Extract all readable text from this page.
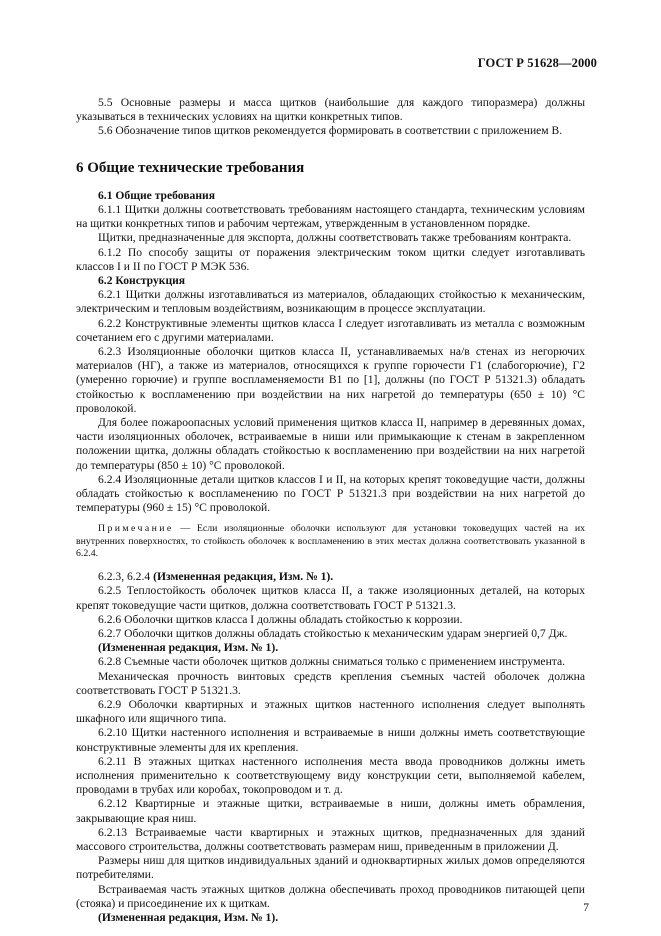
ГОСТ Р 51628—2000

5.5 Основные размеры и масса щитков (наибольшие для каждого типоразмера) должны указываться в технических условиях на щитки конкретных типов.

5.6 Обозначение типов щитков рекомендуется формировать в соответствии с приложением В.

6 Общие технические требования

6.1 Общие требования

6.1.1 Щитки должны соответствовать требованиям настоящего стандарта, техническим условиям на щитки конкретных типов и рабочим чертежам, утвержденным в установленном порядке.

Щитки, предназначенные для экспорта, должны соответствовать также требованиям контракта.

6.1.2 По способу защиты от поражения электрическим током щитки следует изготавливать классов I и II по ГОСТ Р МЭК 536.

6.2 Конструкция

6.2.1 Щитки должны изготавливаться из материалов, обладающих стойкостью к механическим, электрическим и тепловым воздействиям, возникающим в процессе эксплуатации.

6.2.2 Конструктивные элементы щитков класса I следует изготавливать из металла с возможным сочетанием его с другими материалами.

6.2.3 Изоляционные оболочки щитков класса II, устанавливаемых на/в стенах из негорючих материалов (НГ), а также из материалов, относящихся к группе горючести Г1 (слабогорючие), Г2 (умеренно горючие) и группе воспламеняемости В1 по [1], должны (по ГОСТ Р 51321.3) обладать стойкостью к воспламенению при воздействии на них нагретой до температуры (650 ± 10) °С проволокой.

Для более пожароопасных условий применения щитков класса II, например в деревянных домах, части изоляционных оболочек, встраиваемые в ниши или примыкающие к стенам в закрепленном положении щитка, должны обладать стойкостью к воспламенению при воздействии на них нагретой до температуры (850 ± 10) °С проволокой.

6.2.4 Изоляционные детали щитков классов I и II, на которых крепят токоведущие части, должны обладать стойкостью к воспламенению по ГОСТ Р 51321.3 при воздействии на них нагретой до температуры (960 ± 15) °С проволокой.

Примечание — Если изоляционные оболочки используют для установки токоведущих частей на их внутренних поверхностях, то стойкость оболочек к воспламенению в этих местах должна соответствовать указанной в 6.2.4.

6.2.3, 6.2.4 (Измененная редакция, Изм. № 1).

6.2.5 Теплостойкость оболочек щитков класса II, а также изоляционных деталей, на которых крепят токоведущие части щитков, должна соответствовать ГОСТ Р 51321.3.

6.2.6 Оболочки щитков класса I должны обладать стойкостью к коррозии.

6.2.7 Оболочки щитков должны обладать стойкостью к механическим ударам энергией 0,7 Дж.

(Измененная редакция, Изм. № 1).

6.2.8 Съемные части оболочек щитков должны сниматься только с применением инструмента.

Механическая прочность винтовых средств крепления съемных частей оболочек должна соответствовать ГОСТ Р 51321.3.

6.2.9 Оболочки квартирных и этажных щитков настенного исполнения следует выполнять шкафного или ящичного типа.

6.2.10 Щитки настенного исполнения и встраиваемые в ниши должны иметь соответствующие конструктивные элементы для их крепления.

6.2.11 В этажных щитках настенного исполнения места ввода проводников должны иметь исполнения применительно к соответствующему виду конструкции сети, выполняемой кабелем, проводами в трубах или коробах, токопроводом и т. д.

6.2.12 Квартирные и этажные щитки, встраиваемые в ниши, должны иметь обрамления, закрывающие края ниш.

6.2.13 Встраиваемые части квартирных и этажных щитков, предназначенных для зданий массового строительства, должны соответствовать размерам ниш, приведенным в приложении Д.

Размеры ниш для щитков индивидуальных зданий и одноквартирных жилых домов определяются потребителями.

Встраиваемая часть этажных щитков должна обеспечивать проход проводников питающей цепи (стояка) и присоединение их к щиткам.

(Измененная редакция, Изм. № 1).

7
